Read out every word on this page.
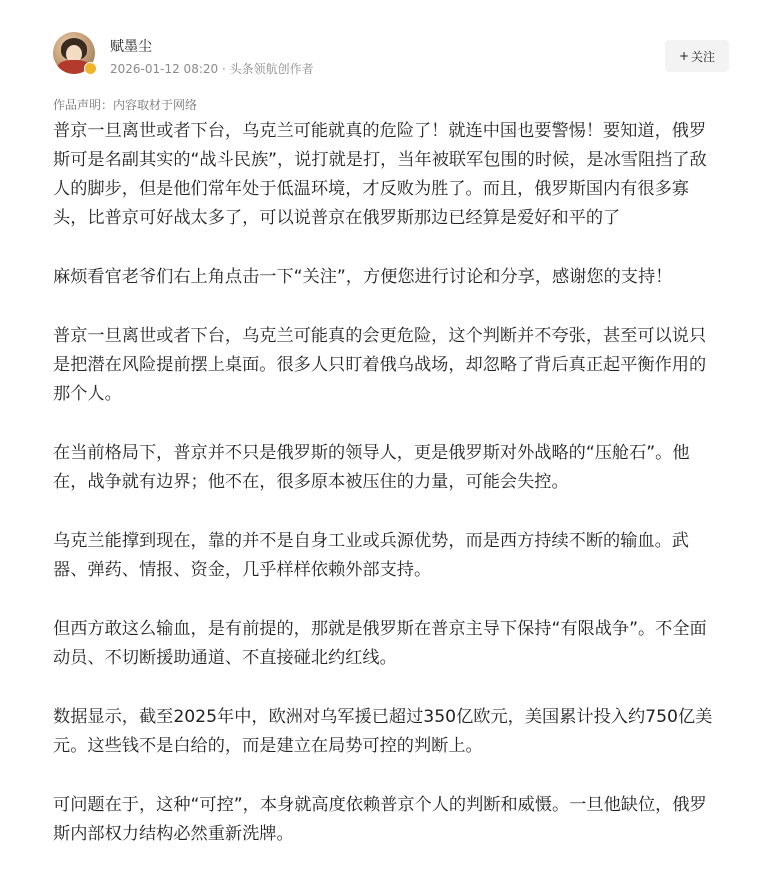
赋墨尘
2026-01-12 08:20 · 头条领航创作者
+ 关注
作品声明：内容取材于网络

普京一旦离世或者下台，乌克兰可能就真的危险了！就连中国也要警惕！要知道，俄罗斯可是名副其实的“战斗民族”，说打就是打，当年被联军包围的时候，是冰雪阻挡了敌人的脚步，但是他们常年处于低温环境，才反败为胜了。而且，俄罗斯国内有很多寡头，比普京可好战太多了，可以说普京在俄罗斯那边已经算是爱好和平的了

麻烦看官老爷们右上角点击一下“关注”，方便您进行讨论和分享，感谢您的支持！

普京一旦离世或者下台，乌克兰可能真的会更危险，这个判断并不夸张，甚至可以说只是把潜在风险提前摆上桌面。很多人只盯着俄乌战场，却忽略了背后真正起平衡作用的那个人。

在当前格局下，普京并不只是俄罗斯的领导人，更是俄罗斯对外战略的“压舱石”。他在，战争就有边界；他不在，很多原本被压住的力量，可能会失控。

乌克兰能撑到现在，靠的并不是自身工业或兵源优势，而是西方持续不断的输血。武器、弹药、情报、资金，几乎样样依赖外部支持。

但西方敢这么输血，是有前提的，那就是俄罗斯在普京主导下保持“有限战争”。不全面动员、不切断援助通道、不直接碰北约红线。

数据显示，截至2025年中，欧洲对乌军援已超过350亿欧元，美国累计投入约750亿美元。这些钱不是白给的，而是建立在局势可控的判断上。

可问题在于，这种“可控”，本身就高度依赖普京个人的判断和威慑。一旦他缺位，俄罗斯内部权力结构必然重新洗牌。
